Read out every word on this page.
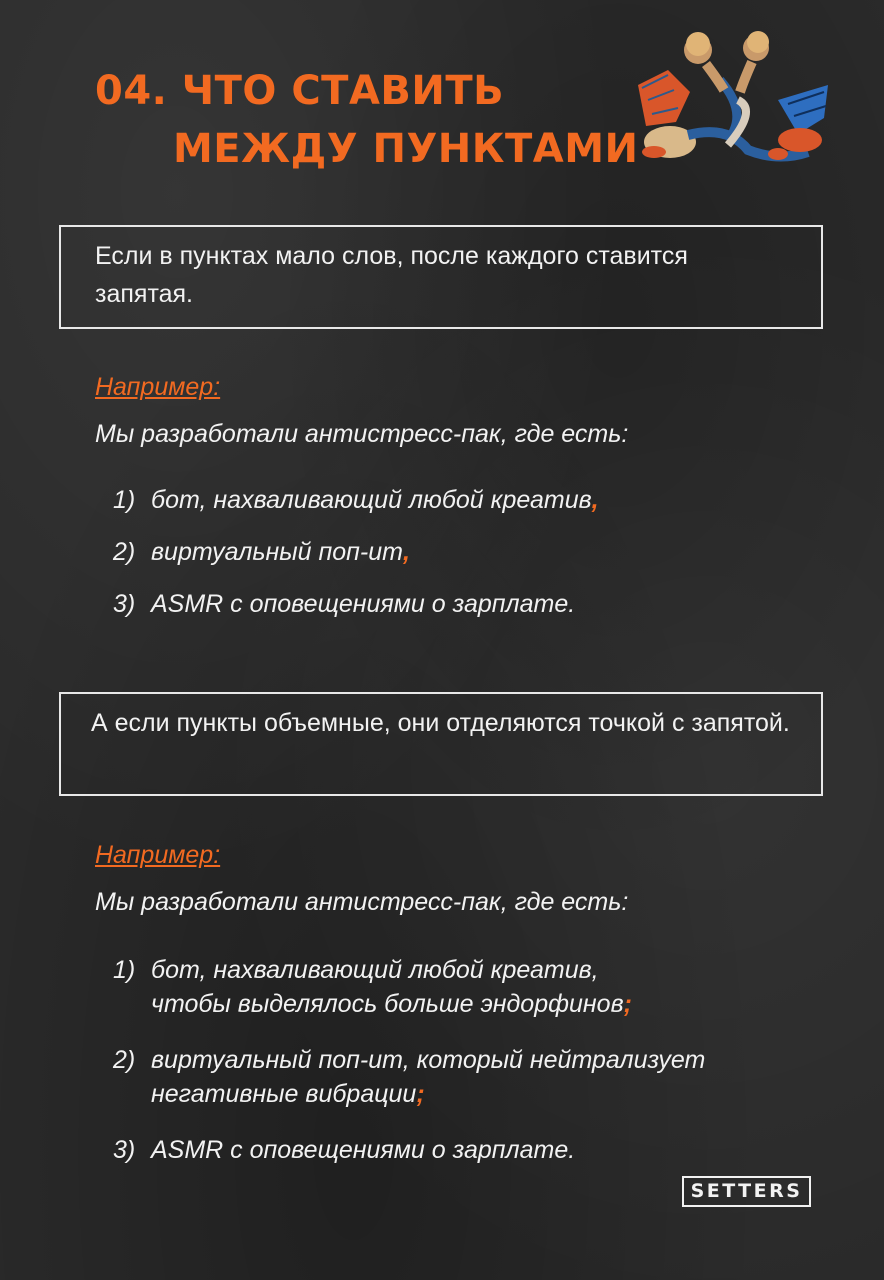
04. ЧТО СТАВИТЬ
МЕЖДУ ПУНКТАМИ
Если в пунктах мало слов, после каждого ставится запятая.

Например:

Мы разработали антистресс-пак, где есть:

1) бот, нахваливающий любой креатив,
2) виртуальный поп-ит,
3) ASMR с оповещениями о зарплате.
А если пункты объемные, они отделяются точкой с запятой.

Например:

Мы разработали антистресс-пак, где есть:

1) бот, нахваливающий любой креатив,
чтобы выделялось больше эндорфинов;
2) виртуальный поп-ит, который нейтрализует
негативные вибрации;
3) ASMR с оповещениями о зарплате.
SETTERS
